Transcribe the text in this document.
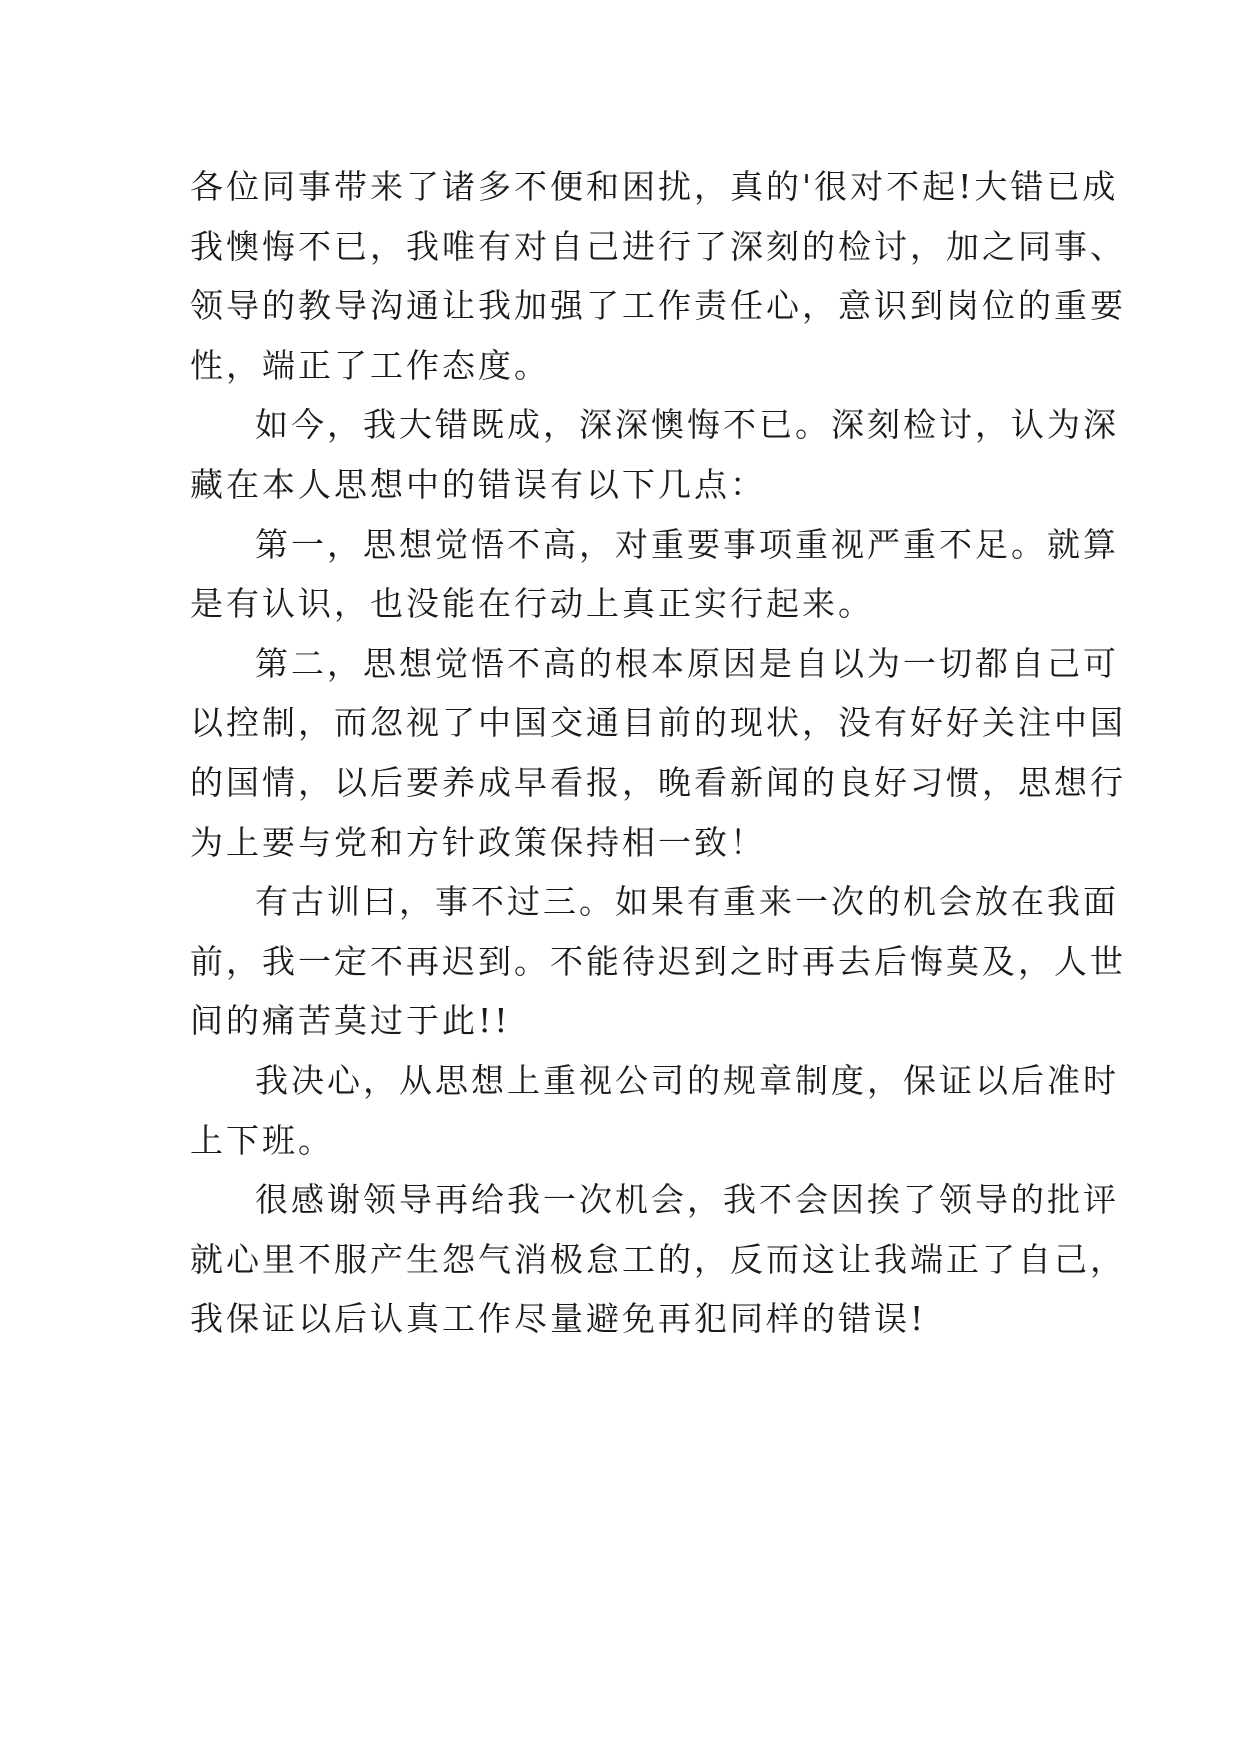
各位同事带来了诸多不便和困扰，真的'很对不起!大错已成
我懊悔不已，我唯有对自己进行了深刻的检讨，加之同事、
领导的教导沟通让我加强了工作责任心，意识到岗位的重要
性，端正了工作态度。
如今，我大错既成，深深懊悔不已。深刻检讨，认为深
藏在本人思想中的错误有以下几点：
第一，思想觉悟不高，对重要事项重视严重不足。就算
是有认识，也没能在行动上真正实行起来。
第二，思想觉悟不高的根本原因是自以为一切都自己可
以控制，而忽视了中国交通目前的现状，没有好好关注中国
的国情，以后要养成早看报，晚看新闻的良好习惯，思想行
为上要与党和方针政策保持相一致！
有古训曰，事不过三。如果有重来一次的机会放在我面
前，我一定不再迟到。不能待迟到之时再去后悔莫及，人世
间的痛苦莫过于此!!
我决心，从思想上重视公司的规章制度，保证以后准时
上下班。
很感谢领导再给我一次机会，我不会因挨了领导的批评
就心里不服产生怨气消极怠工的，反而这让我端正了自己，
我保证以后认真工作尽量避免再犯同样的错误!
